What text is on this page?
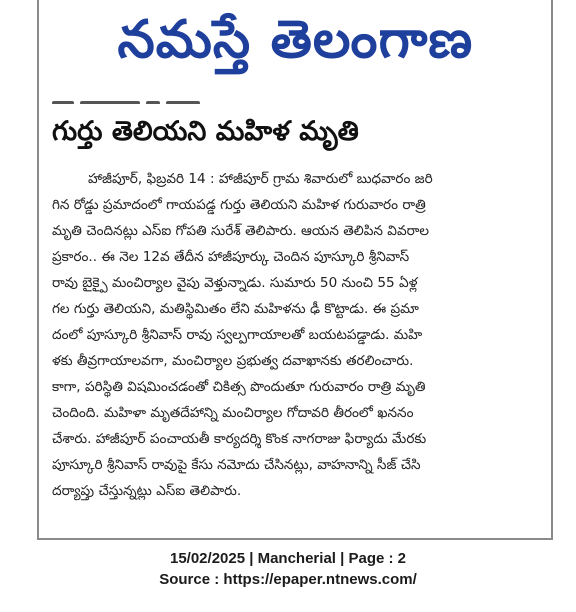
నమస్తే తెలంగాణ
గుర్తు తెలియని మహిళ మృతి
హాజీపూర్, ఫిబ్రవరి 14 : హాజీపూర్ గ్రామ శివారులో బుధవారం జరి
గిన రోడ్డు ప్రమాదంలో గాయపడ్డ గుర్తు తెలియని మహిళ గురువారం రాత్రి
మృతి చెందినట్లు ఎస్ఐ గోపతి సురేశ్ తెలిపారు. ఆయన తెలిపిన వివరాల
ప్రకారం.. ఈ నెల 12వ తేదీన హాజీపూర్కు చెందిన పూస్కూరి శ్రీనివాస్
రావు బైక్పై మంచిర్యాల వైపు వెళ్తున్నాడు. సుమారు 50 నుంచి 55 ఏళ్ల
గల గుర్తు తెలియని, మతిస్థిమితం లేని మహిళను ఢీ కొట్టాడు. ఈ ప్రమా
దంలో పూస్కూరి శ్రీనివాస్ రావు స్వల్పగాయాలతో బయటపడ్డాడు. మహి
ళకు తీవ్రగాయాలవగా, మంచిర్యాల ప్రభుత్వ దవాఖానకు తరలించారు.
కాగా, పరిస్థితి విషమించడంతో చికిత్స పొందుతూ గురువారం రాత్రి మృతి
చెందింది. మహిళా మృతదేహాన్ని మంచిర్యాల గోదావరి తీరంలో ఖననం
చేశారు. హాజీపూర్ పంచాయతీ కార్యదర్శి కొంక నాగరాజు ఫిర్యాదు మేరకు
పూస్కూరి శ్రీనివాస్ రావుపై కేసు నమోదు చేసినట్లు, వాహనాన్ని సీజ్ చేసి
దర్యాప్తు చేస్తున్నట్లు ఎస్ఐ తెలిపారు.
15/02/2025 | Mancherial | Page : 2
Source : https://epaper.ntnews.com/
